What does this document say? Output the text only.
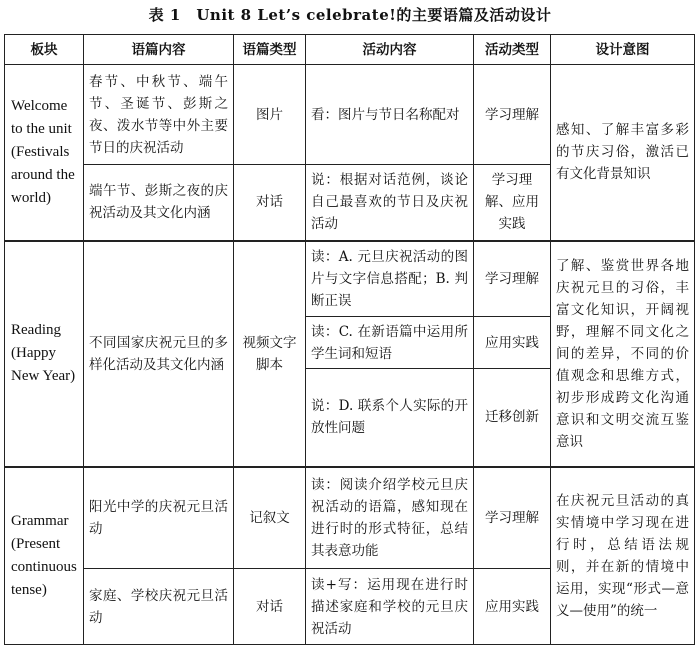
表 1　Unit 8 Let’s celebrate!的主要语篇及活动设计
板块	语篇内容	语篇类型	活动内容	活动类型	设计意图
Welcome to the unit (Festivals around the world)	春节、中秋节、端午节、圣诞节、彭斯之夜、泼水节等中外主要节日的庆祝活动	图片	看：图片与节日名称配对	学习理解	感知、了解丰富多彩的节庆习俗，激活已有文化背景知识
	端午节、彭斯之夜的庆祝活动及其文化内涵	对话	说：根据对话范例，谈论自己最喜欢的节日及庆祝活动	学习理解、应用实践	
Reading (Happy New Year)	不同国家庆祝元旦的多样化活动及其文化内涵	视频文字脚本	读：A. 元旦庆祝活动的图片与文字信息搭配；B. 判断正误	学习理解	了解、鉴赏世界各地庆祝元旦的习俗，丰富文化知识，开阔视野，理解不同文化之间的差异，不同的价值观念和思维方式，初步形成跨文化沟通意识和文明交流互鉴意识
			读：C. 在新语篇中运用所学生词和短语	应用实践	
			说：D. 联系个人实际的开放性问题	迁移创新	
Grammar (Present continuous tense)	阳光中学的庆祝元旦活动	记叙文	读：阅读介绍学校元旦庆祝活动的语篇，感知现在进行时的形式特征，总结其表意功能	学习理解	在庆祝元旦活动的真实情境中学习现在进行时，总结语法规则，并在新的情境中运用，实现“形式—意义—使用”的统一
	家庭、学校庆祝元旦活动	对话	读+写：运用现在进行时描述家庭和学校的元旦庆祝活动	应用实践	
